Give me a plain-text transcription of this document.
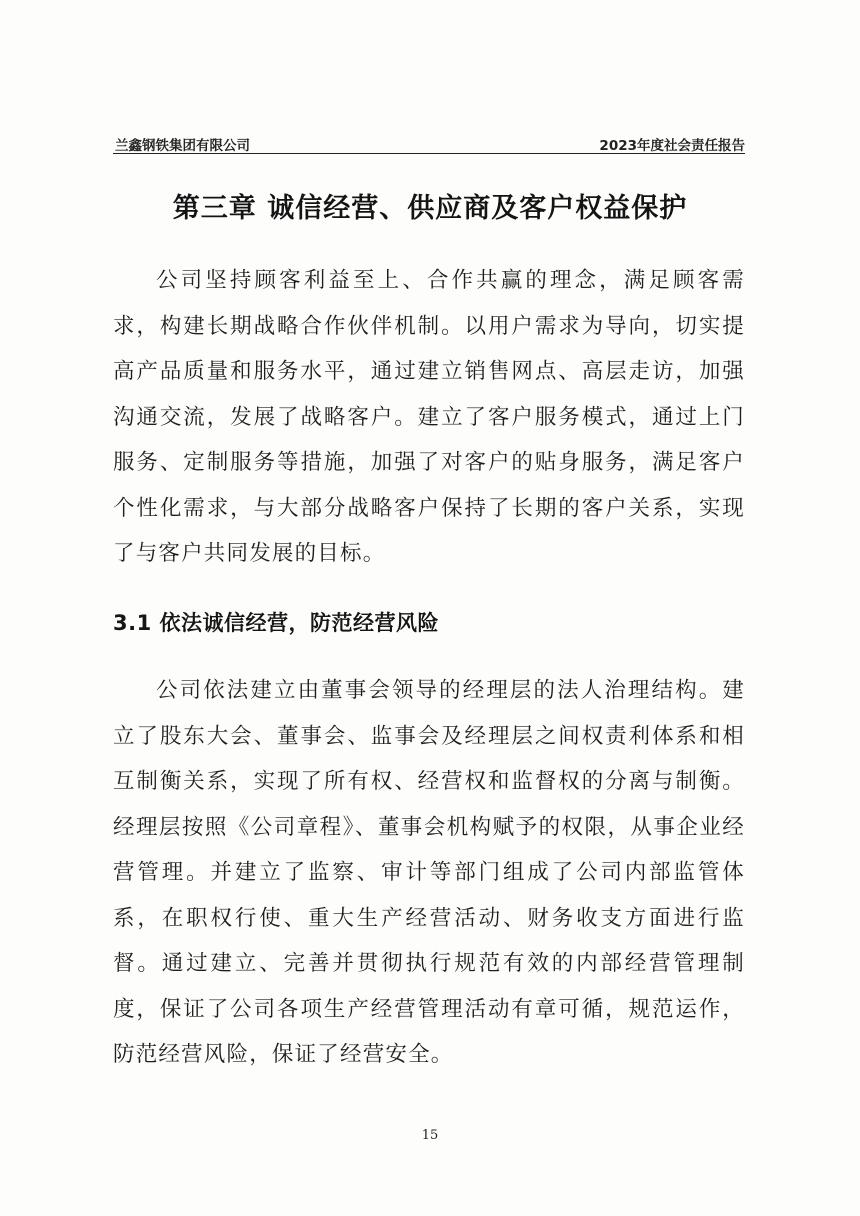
兰鑫钢铁集团有限公司	2023年度社会责任报告
第三章 诚信经营、供应商及客户权益保护

公司坚持顾客利益至上、合作共赢的理念，满足顾客需求，构建长期战略合作伙伴机制。以用户需求为导向，切实提高产品质量和服务水平，通过建立销售网点、高层走访，加强沟通交流，发展了战略客户。建立了客户服务模式，通过上门服务、定制服务等措施，加强了对客户的贴身服务，满足客户个性化需求，与大部分战略客户保持了长期的客户关系，实现了与客户共同发展的目标。

3.1 依法诚信经营，防范经营风险

公司依法建立由董事会领导的经理层的法人治理结构。建立了股东大会、董事会、监事会及经理层之间权责利体系和相互制衡关系，实现了所有权、经营权和监督权的分离与制衡。经理层按照《公司章程》、董事会机构赋予的权限，从事企业经营管理。并建立了监察、审计等部门组成了公司内部监管体系，在职权行使、重大生产经营活动、财务收支方面进行监督。通过建立、完善并贯彻执行规范有效的内部经营管理制度，保证了公司各项生产经营管理活动有章可循，规范运作，防范经营风险，保证了经营安全。

15
